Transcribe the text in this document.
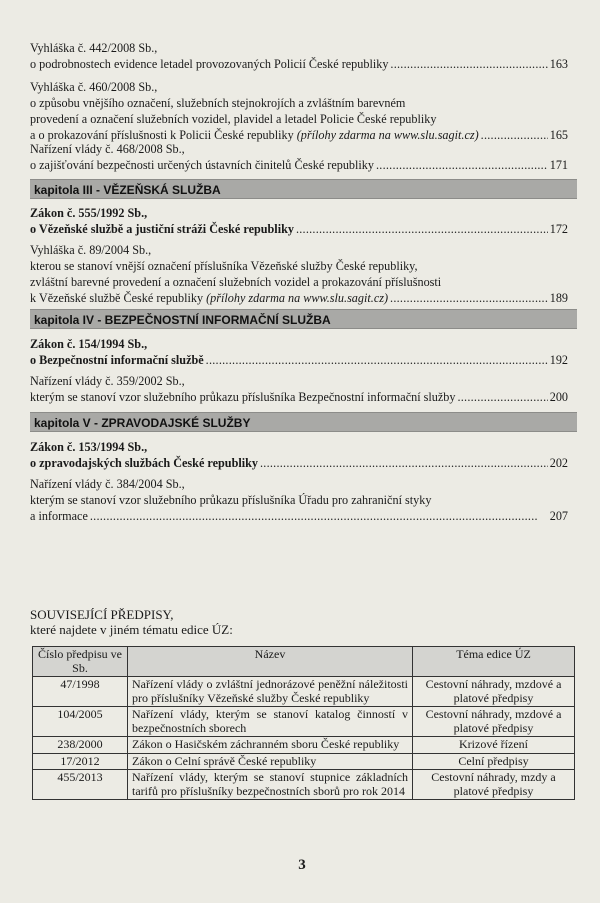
Vyhláška č. 442/2008 Sb.,
o podrobnostech evidence letadel provozovaných Policií České republiky . . .	163
Vyhláška č. 460/2008 Sb.,
o způsobu vnějšího označení, služebních stejnokrojích a zvláštním barevném
provedení a označení služebních vozidel, plavidel a letadel Policie České republiky
a o prokazování příslušnosti k Policii České republiky (přílohy zdarma na www.slu.sagit.cz) . . .	165
Nařízení vlády č. 468/2008 Sb.,
o zajišťování bezpečnosti určených ústavních činitelů České republiky . . .	171
kapitola III - VĚZEŇSKÁ SLUŽBA
Zákon č. 555/1992 Sb.,
o Vězeňské službě a justiční stráži České republiky . . .	172
Vyhláška č. 89/2004 Sb.,
kterou se stanoví vnější označení příslušníka Vězeňské služby České republiky,
zvláštní barevné provedení a označení služebních vozidel a prokazování příslušnosti
k Vězeňské službě České republiky (přílohy zdarma na www.slu.sagit.cz) . . .	189
kapitola IV - BEZPEČNOSTNÍ INFORMAČNÍ SLUŽBA
Zákon č. 154/1994 Sb.,
o Bezpečnostní informační službě . . .	192
Nařízení vlády č. 359/2002 Sb.,
kterým se stanoví vzor služebního průkazu příslušníka Bezpečnostní informační služby . . .	200
kapitola V - ZPRAVODAJSKÉ SLUŽBY
Zákon č. 153/1994 Sb.,
o zpravodajských službách České republiky . . .	202
Nařízení vlády č. 384/2004 Sb.,
kterým se stanoví vzor služebního průkazu příslušníka Úřadu pro zahraniční styky
a informace . . .	207
SOUVISEJÍCÍ PŘEDPISY,
které najdete v jiném tématu edice ÚZ:
Číslo předpisu ve Sb.	Název	Téma edice ÚZ
47/1998	Nařízení vlády o zvláštní jednorázové peněžní náležitosti pro příslušníky Vězeňské služby České republiky	Cestovní náhrady, mzdové a platové předpisy
104/2005	Nařízení vlády, kterým se stanoví katalog činností v bezpečnostních sborech	Cestovní náhrady, mzdové a platové předpisy
238/2000	Zákon o Hasičském záchranném sboru České republiky	Krizové řízení
17/2012	Zákon o Celní správě České republiky	Celní předpisy
455/2013	Nařízení vlády, kterým se stanoví stupnice základních tarifů pro příslušníky bezpečnostních sborů pro rok 2014	Cestovní náhrady, mzdy a platové předpisy
3
